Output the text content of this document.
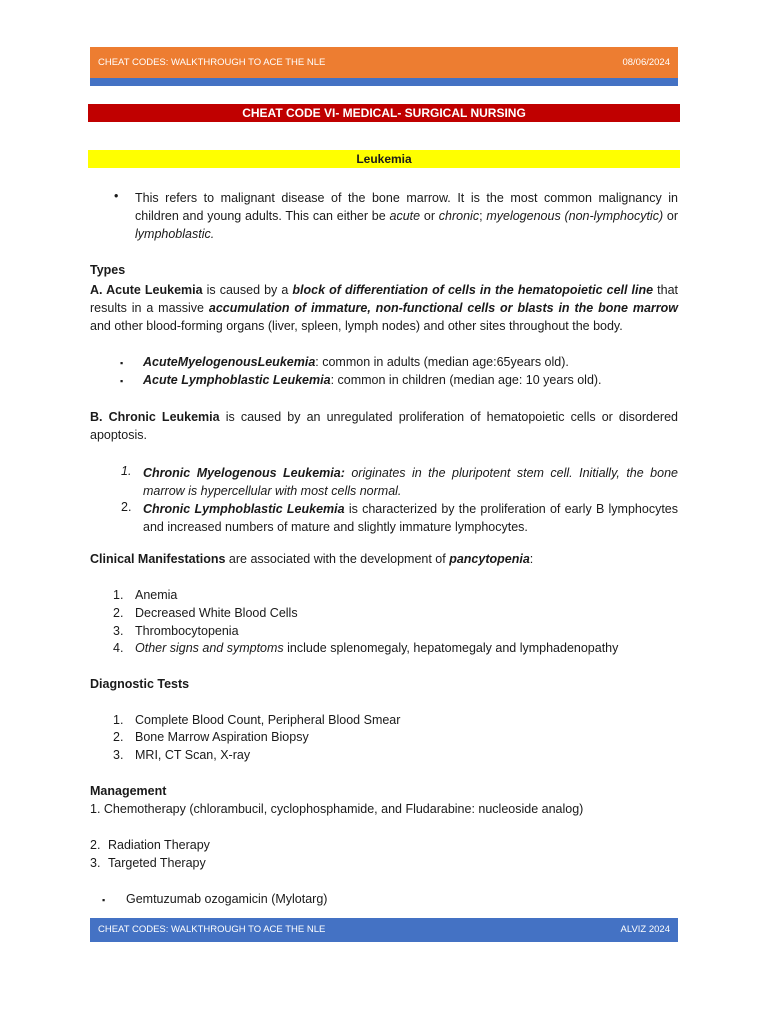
CHEAT CODES: WALKTHROUGH TO ACE THE NLE	08/06/2024
CHEAT CODE VI- MEDICAL- SURGICAL NURSING
Leukemia
• This refers to malignant disease of the bone marrow. It is the most common malignancy in children and young adults. This can either be acute or chronic; myelogenous (non-lymphocytic) or lymphoblastic.
Types
A. Acute Leukemia is caused by a block of differentiation of cells in the hematopoietic cell line that results in a massive accumulation of immature, non-functional cells or blasts in the bone marrow and other blood-forming organs (liver, spleen, lymph nodes) and other sites throughout the body.
▪ AcuteMyelogenousLeukemia: common in adults (median age:65years old).
▪ Acute Lymphoblastic Leukemia: common in children (median age: 10 years old).
B. Chronic Leukemia is caused by an unregulated proliferation of hematopoietic cells or disordered apoptosis.
1. Chronic Myelogenous Leukemia: originates in the pluripotent stem cell. Initially, the bone marrow is hypercellular with most cells normal.
2. Chronic Lymphoblastic Leukemia is characterized by the proliferation of early B lymphocytes and increased numbers of mature and slightly immature lymphocytes.
Clinical Manifestations are associated with the development of pancytopenia:
1. Anemia
2. Decreased White Blood Cells
3. Thrombocytopenia
4. Other signs and symptoms include splenomegaly, hepatomegaly and lymphadenopathy
Diagnostic Tests
1. Complete Blood Count, Peripheral Blood Smear
2. Bone Marrow Aspiration Biopsy
3. MRI, CT Scan, X-ray
Management
1. Chemotherapy (chlorambucil, cyclophosphamide, and Fludarabine: nucleoside analog)
2. Radiation Therapy
3. Targeted Therapy
▪ Gemtuzumab ozogamicin (Mylotarg)
CHEAT CODES: WALKTHROUGH TO ACE THE NLE	ALVIZ 2024
